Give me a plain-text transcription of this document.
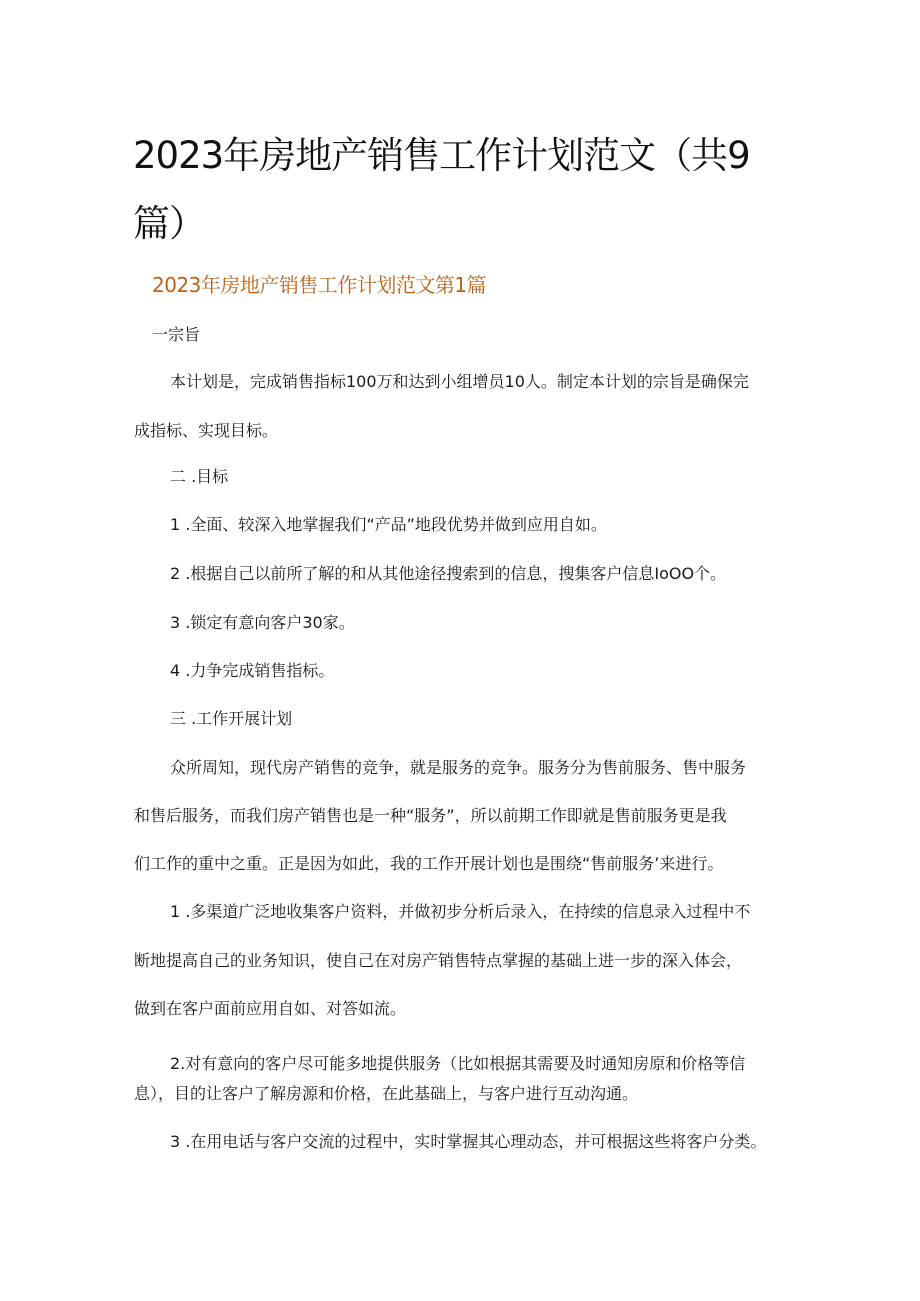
2023年房地产销售工作计划范文（共9篇）
2023年房地产销售工作计划范文第1篇

一宗旨

本计划是，完成销售指标100万和达到小组增员10人。制定本计划的宗旨是确保完

成指标、实现目标。

二 .目标

1 .全面、较深入地掌握我们“产品”地段优势并做到应用自如。

2 .根据自己以前所了解的和从其他途径搜索到的信息，搜集客户信息IoOO个。

3 .锁定有意向客户30家。

4 .力争完成销售指标。

三 .工作开展计划

众所周知，现代房产销售的竞争，就是服务的竞争。服务分为售前服务、售中服务

和售后服务，而我们房产销售也是一种“服务”，所以前期工作即就是售前服务更是我

们工作的重中之重。正是因为如此，我的工作开展计划也是围绕“售前服务’来进行。

1 .多渠道广泛地收集客户资料，并做初步分析后录入，在持续的信息录入过程中不

断地提高自己的业务知识，使自己在对房产销售特点掌握的基础上进一步的深入体会，

做到在客户面前应用自如、对答如流。

2.对有意向的客户尽可能多地提供服务（比如根据其需要及时通知房原和价格等信

息），目的让客户了解房源和价格，在此基础上，与客户进行互动沟通。

3 .在用电话与客户交流的过程中，实时掌握其心理动态，并可根据这些将客户分类。
